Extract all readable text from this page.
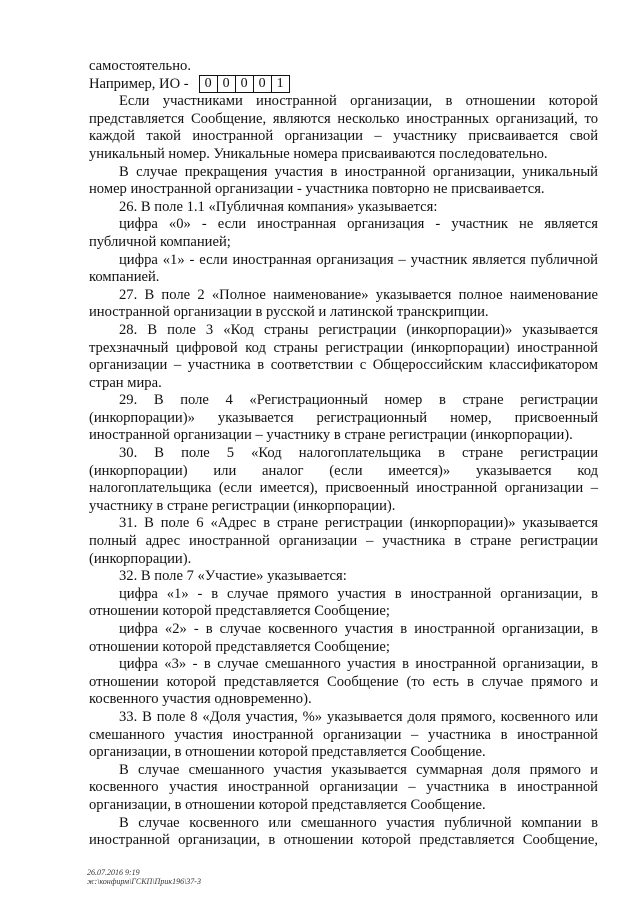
самостоятельно.
Например, ИО -	0 0 0 0 1
Если участниками иностранной организации, в отношении которой
представляется Сообщение, являются несколько иностранных организаций, то
каждой такой иностранной организации – участнику присваивается свой
уникальный номер. Уникальные номера присваиваются последовательно.
В случае прекращения участия в иностранной организации, уникальный
номер иностранной организации - участника повторно не присваивается.
26. В поле 1.1 «Публичная компания» указывается:
цифра «0» - если иностранная организация - участник не является
публичной компанией;
цифра «1» - если иностранная организация – участник является публичной
компанией.
27. В поле 2 «Полное наименование» указывается полное наименование
иностранной организации в русской и латинской транскрипции.
28. В поле 3 «Код страны регистрации (инкорпорации)» указывается
трехзначный цифровой код страны регистрации (инкорпорации) иностранной
организации – участника в соответствии с Общероссийским классификатором
стран мира.
29. В поле 4 «Регистрационный номер в стране регистрации
(инкорпорации)» указывается регистрационный номер, присвоенный
иностранной организации – участнику в стране регистрации (инкорпорации).
30. В поле 5 «Код налогоплательщика в стране регистрации
(инкорпорации) или аналог (если имеется)» указывается код
налогоплательщика (если имеется), присвоенный иностранной организации –
участнику в стране регистрации (инкорпорации).
31. В поле 6 «Адрес в стране регистрации (инкорпорации)» указывается
полный адрес иностранной организации – участника в стране регистрации
(инкорпорации).
32. В поле 7 «Участие» указывается:
цифра «1» - в случае прямого участия в иностранной организации, в
отношении которой представляется Сообщение;
цифра «2» - в случае косвенного участия в иностранной организации, в
отношении которой представляется Сообщение;
цифра «3» - в случае смешанного участия в иностранной организации, в
отношении которой представляется Сообщение (то есть в случае прямого и
косвенного участия одновременно).
33. В поле 8 «Доля участия, %» указывается доля прямого, косвенного или
смешанного участия иностранной организации – участника в иностранной
организации, в отношении которой представляется Сообщение.
В случае смешанного участия указывается суммарная доля прямого и
косвенного участия иностранной организации – участника в иностранной
организации, в отношении которой представляется Сообщение.
В случае косвенного или смешанного участия публичной компании в
иностранной организации, в отношении которой представляется Сообщение,
26.07.2016 9:19
ж:\конфирм\ГСКП\Прик196\37-3
